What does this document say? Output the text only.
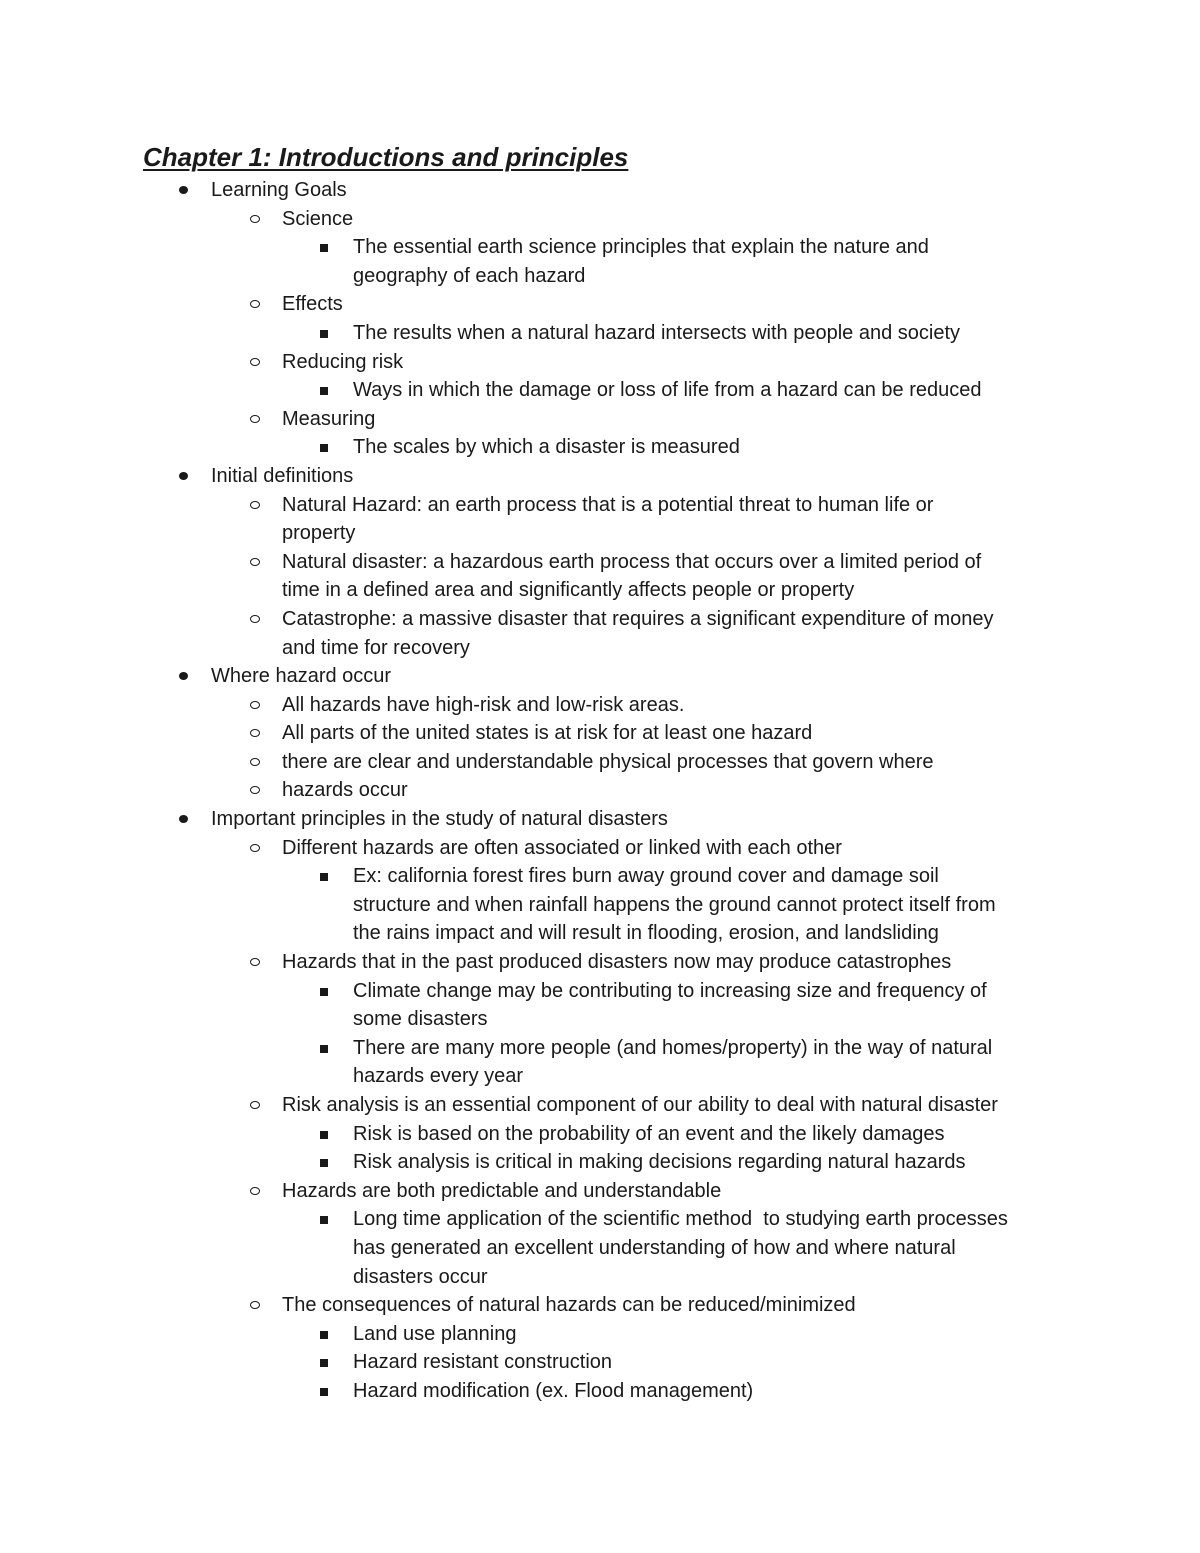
Chapter 1: Introductions and principles
Learning Goals
Science
The essential earth science principles that explain the nature and
geography of each hazard
Effects
The results when a natural hazard intersects with people and society
Reducing risk
Ways in which the damage or loss of life from a hazard can be reduced
Measuring
The scales by which a disaster is measured
Initial definitions
Natural Hazard: an earth process that is a potential threat to human life or
property
Natural disaster: a hazardous earth process that occurs over a limited period of
time in a defined area and significantly affects people or property
Catastrophe: a massive disaster that requires a significant expenditure of money
and time for recovery
Where hazard occur
All hazards have high-risk and low-risk areas.
All parts of the united states is at risk for at least one hazard
there are clear and understandable physical processes that govern where
hazards occur
Important principles in the study of natural disasters
Different hazards are often associated or linked with each other
Ex: california forest fires burn away ground cover and damage soil
structure and when rainfall happens the ground cannot protect itself from
the rains impact and will result in flooding, erosion, and landsliding
Hazards that in the past produced disasters now may produce catastrophes
Climate change may be contributing to increasing size and frequency of
some disasters
There are many more people (and homes/property) in the way of natural
hazards every year
Risk analysis is an essential component of our ability to deal with natural disaster
Risk is based on the probability of an event and the likely damages
Risk analysis is critical in making decisions regarding natural hazards
Hazards are both predictable and understandable
Long time application of the scientific method  to studying earth processes
has generated an excellent understanding of how and where natural
disasters occur
The consequences of natural hazards can be reduced/minimized
Land use planning
Hazard resistant construction
Hazard modification (ex. Flood management)
